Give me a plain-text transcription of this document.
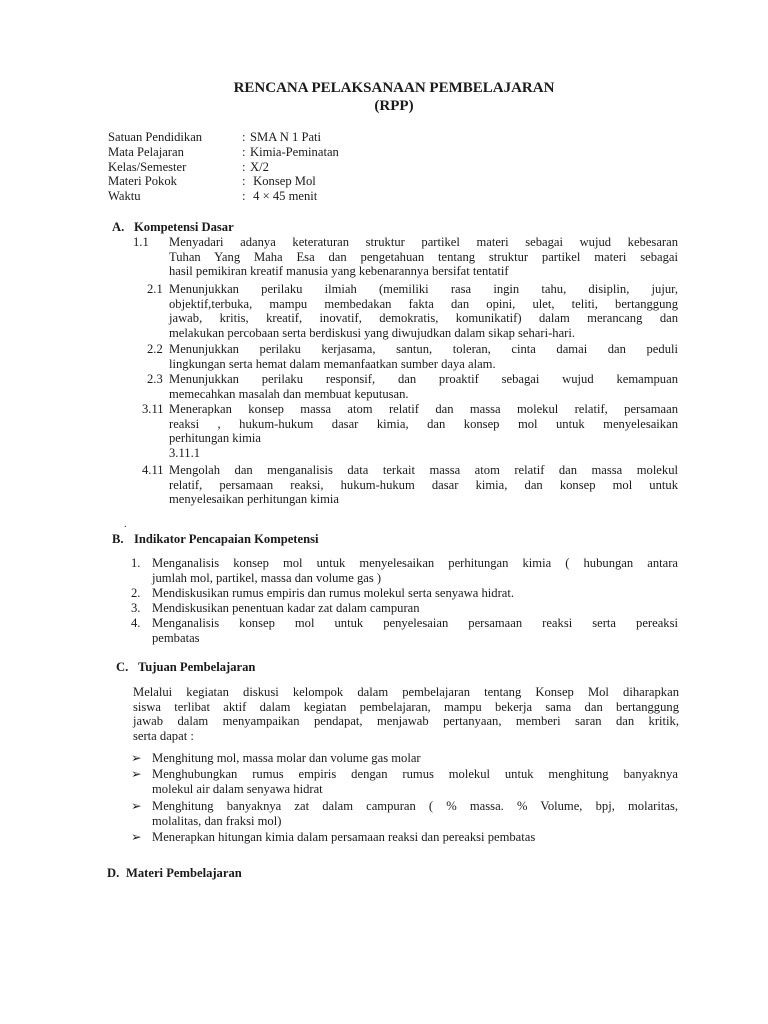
RENCANA PELAKSANAAN PEMBELAJARAN
(RPP)
Satuan Pendidikan	: SMA N 1 Pati
Mata Pelajaran	: Kimia-Peminatan
Kelas/Semester	: X/2
Materi Pokok	: Konsep Mol
Waktu	: 4 × 45 menit
A. Kompetensi Dasar
1.1 Menyadari adanya keteraturan struktur partikel materi sebagai wujud kebesaran
Tuhan Yang Maha Esa dan pengetahuan tentang struktur partikel materi sebagai
hasil pemikiran kreatif manusia yang kebenarannya bersifat tentatif
2.1 Menunjukkan perilaku ilmiah (memiliki rasa ingin tahu, disiplin, jujur,
objektif,terbuka, mampu membedakan fakta dan opini, ulet, teliti, bertanggung
jawab, kritis, kreatif, inovatif, demokratis, komunikatif) dalam merancang dan
melakukan percobaan serta berdiskusi yang diwujudkan dalam sikap sehari-hari.
2.2 Menunjukkan perilaku kerjasama, santun, toleran, cinta damai dan peduli
lingkungan serta hemat dalam memanfaatkan sumber daya alam.
2.3 Menunjukkan perilaku responsif, dan proaktif sebagai wujud kemampuan
memecahkan masalah dan membuat keputusan.
3.11 Menerapkan konsep massa atom relatif dan massa molekul relatif, persamaan
reaksi , hukum-hukum dasar kimia, dan konsep mol untuk menyelesaikan
perhitungan kimia
3.11.1
4.11 Mengolah dan menganalisis data terkait massa atom relatif dan massa molekul
relatif, persamaan reaksi, hukum-hukum dasar kimia, dan konsep mol untuk
menyelesaikan perhitungan kimia
.
B. Indikator Pencapaian Kompetensi
1. Menganalisis konsep mol untuk menyelesaikan perhitungan kimia ( hubungan antara
jumlah mol, partikel, massa dan volume gas )
2. Mendiskusikan rumus empiris dan rumus molekul serta senyawa hidrat.
3. Mendiskusikan penentuan kadar zat dalam campuran
4. Menganalisis konsep mol untuk penyelesaian persamaan reaksi serta pereaksi
pembatas
C. Tujuan Pembelajaran
Melalui kegiatan diskusi kelompok dalam pembelajaran tentang Konsep Mol diharapkan
siswa terlibat aktif dalam kegiatan pembelajaran, mampu bekerja sama dan bertanggung
jawab dalam menyampaikan pendapat, menjawab pertanyaan, memberi saran dan kritik,
serta dapat :
➢ Menghitung mol, massa molar dan volume gas molar
➢ Menghubungkan rumus empiris dengan rumus molekul untuk menghitung banyaknya
molekul air dalam senyawa hidrat
➢ Menghitung banyaknya zat dalam campuran ( % massa. % Volume, bpj, molaritas,
molalitas, dan fraksi mol)
➢ Menerapkan hitungan kimia dalam persamaan reaksi dan pereaksi pembatas
D. Materi Pembelajaran
